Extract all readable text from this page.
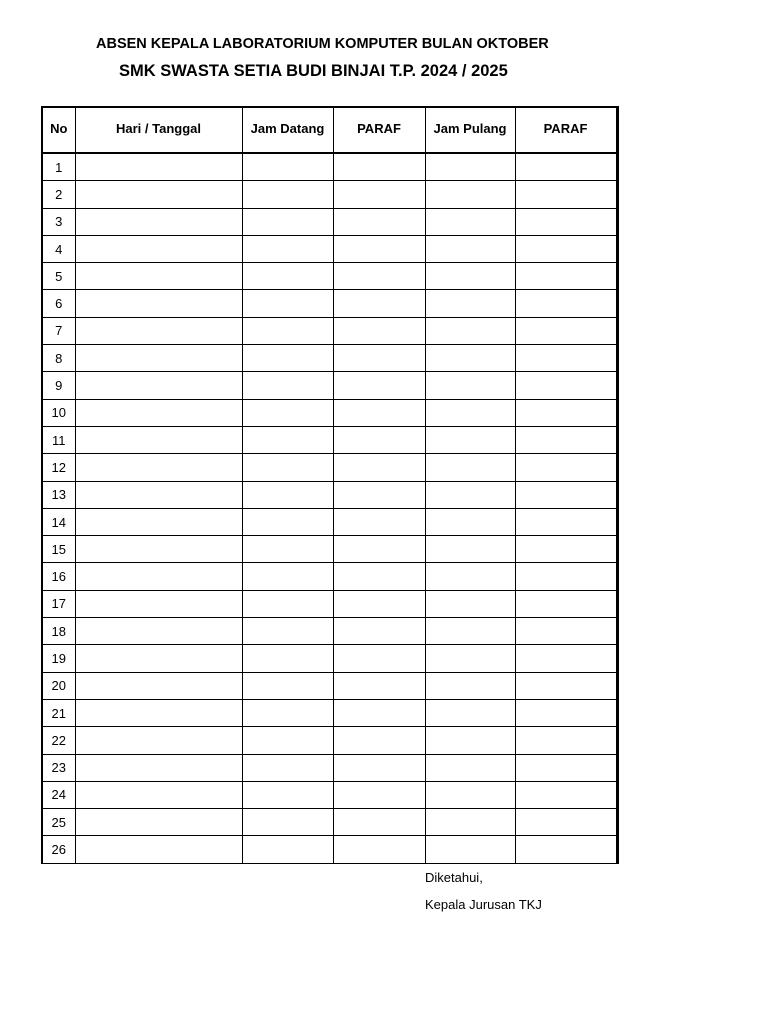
ABSEN KEPALA LABORATORIUM KOMPUTER BULAN OKTOBER
SMK SWASTA SETIA BUDI BINJAI T.P. 2024 / 2025
No	Hari / Tanggal	Jam Datang	PARAF	Jam Pulang	PARAF
1					
2					
3					
4					
5					
6					
7					
8					
9					
10					
11					
12					
13					
14					
15					
16					
17					
18					
19					
20					
21					
22					
23					
24					
25					
26					
Diketahui,
Kepala Jurusan TKJ
